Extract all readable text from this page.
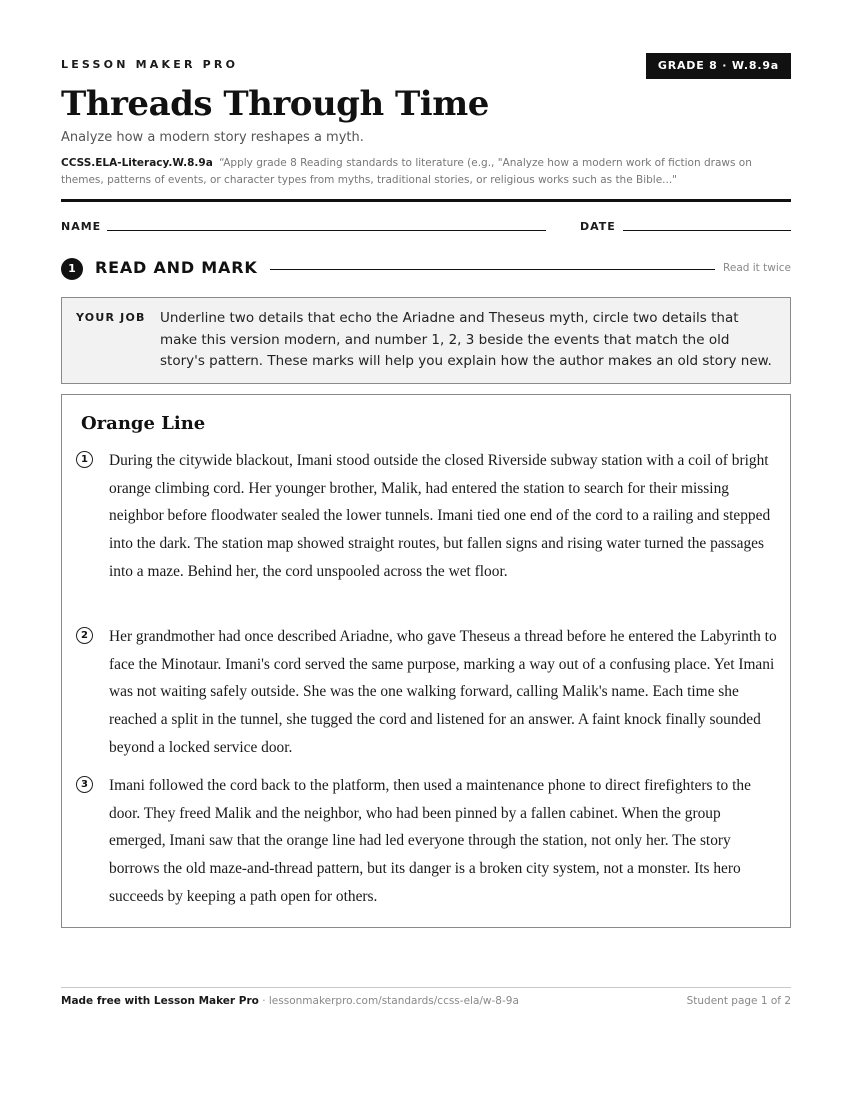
LESSON MAKER PRO	GRADE 8 · W.8.9a
Threads Through Time
Analyze how a modern story reshapes a myth.
CCSS.ELA-Literacy.W.8.9a “Apply grade 8 Reading standards to literature (e.g., "Analyze how a modern work of fiction draws on themes, patterns of events, or character types from myths, traditional stories, or religious works such as the Bible..."
NAME	DATE
1	READ AND MARK	Read it twice
YOUR JOB Underline two details that echo the Ariadne and Theseus myth, circle two details that make this version modern, and number 1, 2, 3 beside the events that match the old story's pattern. These marks will help you explain how the author makes an old story new.
Orange Line
1	During the citywide blackout, Imani stood outside the closed Riverside subway station with a coil of bright orange climbing cord. Her younger brother, Malik, had entered the station to search for their missing neighbor before floodwater sealed the lower tunnels. Imani tied one end of the cord to a railing and stepped into the dark. The station map showed straight routes, but fallen signs and rising water turned the passages into a maze. Behind her, the cord unspooled across the wet floor.

2	Her grandmother had once described Ariadne, who gave Theseus a thread before he entered the Labyrinth to face the Minotaur. Imani's cord served the same purpose, marking a way out of a confusing place. Yet Imani was not waiting safely outside. She was the one walking forward, calling Malik's name. Each time she reached a split in the tunnel, she tugged the cord and listened for an answer. A faint knock finally sounded beyond a locked service door.

3	Imani followed the cord back to the platform, then used a maintenance phone to direct firefighters to the door. They freed Malik and the neighbor, who had been pinned by a fallen cabinet. When the group emerged, Imani saw that the orange line had led everyone through the station, not only her. The story borrows the old maze-and-thread pattern, but its danger is a broken city system, not a monster. Its hero succeeds by keeping a path open for others.

Made free with Lesson Maker Pro · lessonmakerpro.com/standards/ccss-ela/w-8-9a	Student page 1 of 2
